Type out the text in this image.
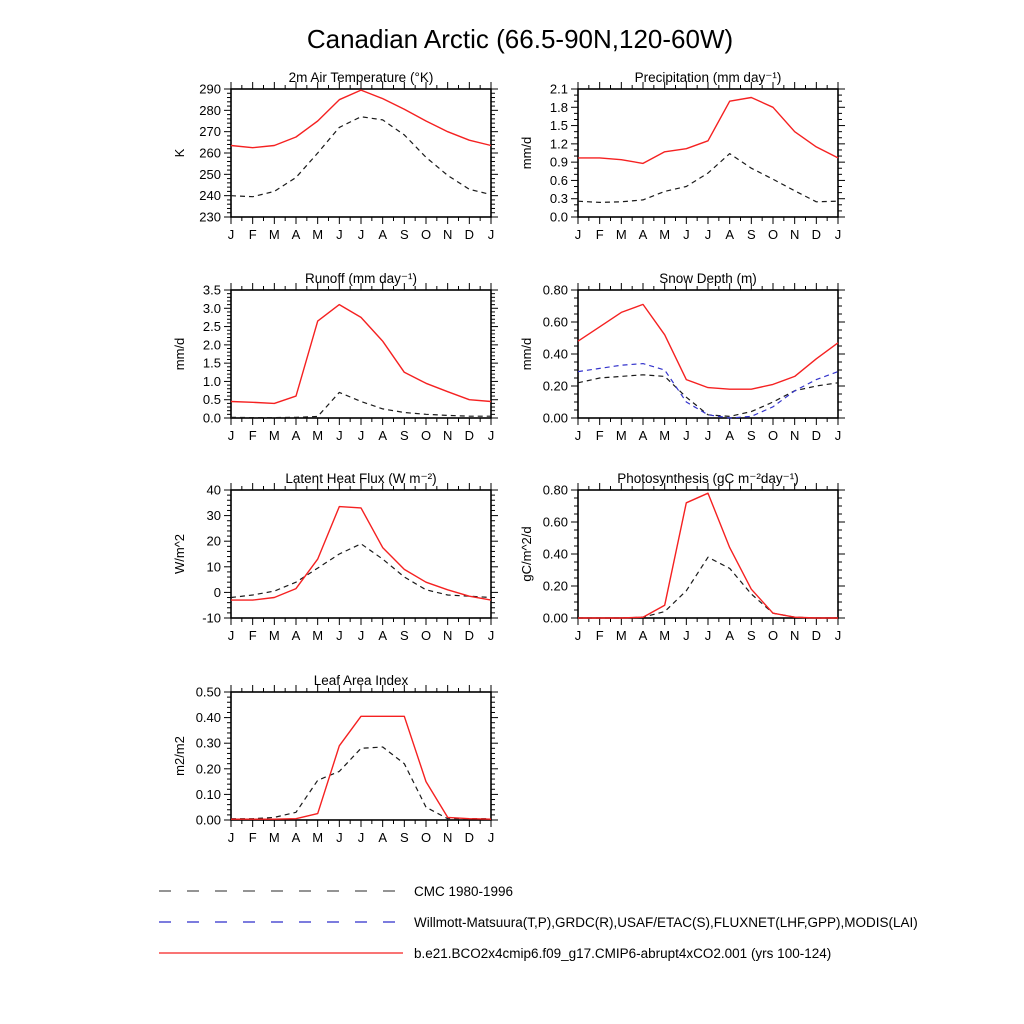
Canadian Arctic (66.5-90N,120-60W)
230
240
250
260
270
280
290
J F M A M J J A S O N D J
2m Air Temperature (°K)
K
0.0
0.3
0.6
0.9
1.2
1.5
1.8
2.1
J F M A M J J A S O N D J
Precipitation (mm day⁻¹)
mm/d
0.0
0.5
1.0
1.5
2.0
2.5
3.0
3.5
J F M A M J J A S O N D J
Runoff (mm day⁻¹)
mm/d
0.00
0.20
0.40
0.60
0.80
J F M A M J J A S O N D J
Snow Depth (m)
mm/d
-10
0
10
20
30
40
J F M A M J J A S O N D J
Latent Heat Flux (W m⁻²)
W/m^2
0.00
0.20
0.40
0.60
0.80
J F M A M J J A S O N D J
Photosynthesis (gC m⁻²day⁻¹)
gC/m^2/d
0.00
0.10
0.20
0.30
0.40
0.50
J F M A M J J A S O N D J
Leaf Area Index
m2/m2
CMC 1980-1996
Willmott-Matsuura(T,P),GRDC(R),USAF/ETAC(S),FLUXNET(LHF,GPP),MODIS(LAI)
b.e21.BCO2x4cmip6.f09_g17.CMIP6-abrupt4xCO2.001 (yrs 100-124)
